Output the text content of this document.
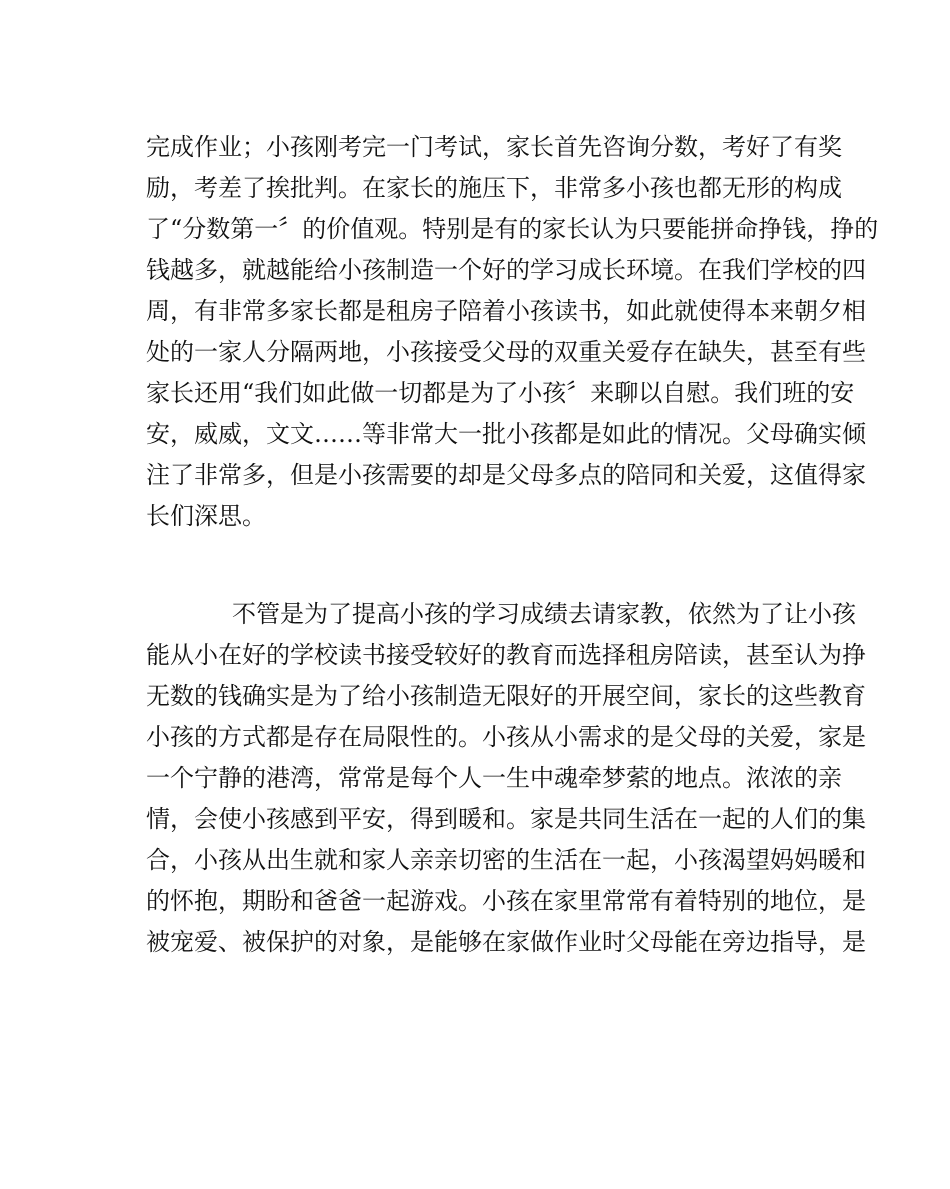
完成作业；小孩刚考完一门考试，家长首先咨询分数，考好了有奖
励，考差了挨批判。在家长的施压下，非常多小孩也都无形的构成
了“分数第一〞的价值观。特别是有的家长认为只要能拼命挣钱，挣的
钱越多，就越能给小孩制造一个好的学习成长环境。在我们学校的四
周，有非常多家长都是租房子陪着小孩读书，如此就使得本来朝夕相
处的一家人分隔两地，小孩接受父母的双重关爱存在缺失，甚至有些
家长还用“我们如此做一切都是为了小孩〞来聊以自慰。我们班的安
安，威威，文文……等非常大一批小孩都是如此的情况。父母确实倾
注了非常多，但是小孩需要的却是父母多点的陪同和关爱，这值得家
长们深思。
不管是为了提高小孩的学习成绩去请家教，依然为了让小孩
能从小在好的学校读书接受较好的教育而选择租房陪读，甚至认为挣
无数的钱确实是为了给小孩制造无限好的开展空间，家长的这些教育
小孩的方式都是存在局限性的。小孩从小需求的是父母的关爱，家是
一个宁静的港湾，常常是每个人一生中魂牵梦萦的地点。浓浓的亲
情，会使小孩感到平安，得到暖和。家是共同生活在一起的人们的集
合，小孩从出生就和家人亲亲切密的生活在一起，小孩渴望妈妈暖和
的怀抱，期盼和爸爸一起游戏。小孩在家里常常有着特别的地位，是
被宠爱、被保护的对象，是能够在家做作业时父母能在旁边指导，是
